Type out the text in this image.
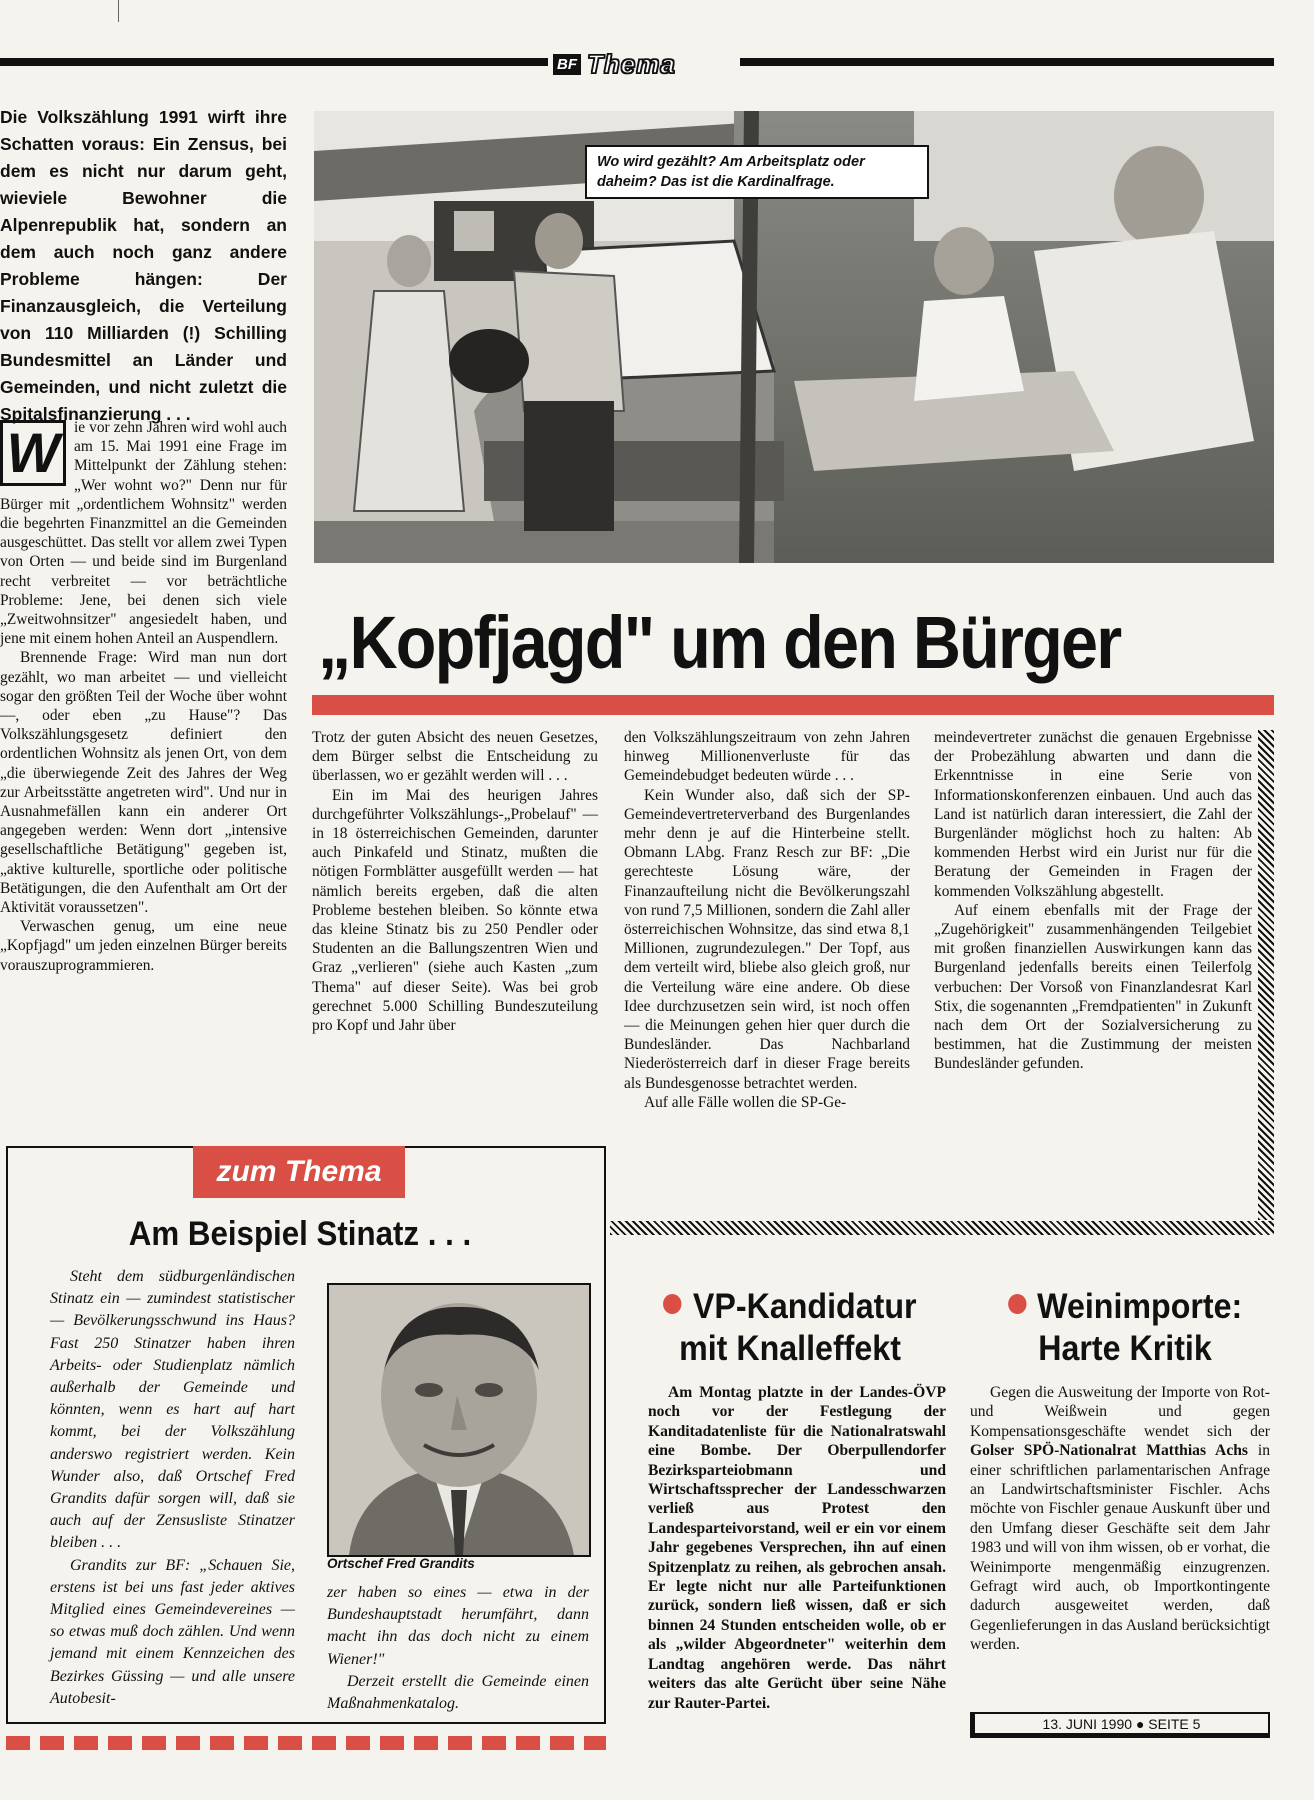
BF Thema
Die Volkszählung 1991 wirft ihre Schatten voraus: Ein Zensus, bei dem es nicht nur darum geht, wieviele Bewohner die Alpenrepublik hat, sondern an dem auch noch ganz andere Probleme hängen: Der Finanzausgleich, die Verteilung von 110 Milliarden (!) Schilling Bundesmittel an Länder und Gemeinden, und nicht zuletzt die Spitalsfinanzierung . . .
Wo wird gezählt? Am Arbeitsplatz oder daheim? Das ist die Kardinalfrage.
„Kopfjagd" um den Bürger

W ie vor zehn Jahren wird wohl auch am 15. Mai 1991 eine Frage im Mittelpunkt der Zählung stehen: „Wer wohnt wo?" Denn nur für Bürger mit „ordentlichem Wohnsitz" werden die begehrten Finanzmittel an die Gemeinden ausgeschüttet. Das stellt vor allem zwei Typen von Orten — und beide sind im Burgenland recht verbreitet — vor beträchtliche Probleme: Jene, bei denen sich viele „Zweitwohnsitzer" angesiedelt haben, und jene mit einem hohen Anteil an Auspendlern.

Brennende Frage: Wird man nun dort gezählt, wo man arbeitet — und vielleicht sogar den größten Teil der Woche über wohnt —, oder eben „zu Hause"? Das Volkszählungsgesetz definiert den ordentlichen Wohnsitz als jenen Ort, von dem „die überwiegende Zeit des Jahres der Weg zur Arbeitsstätte angetreten wird". Und nur in Ausnahmefällen kann ein anderer Ort angegeben werden: Wenn dort „intensive gesellschaftliche Betätigung" gegeben ist, „aktive kulturelle, sportliche oder politische Betätigungen, die den Aufenthalt am Ort der Aktivität voraussetzen".

Verwaschen genug, um eine neue „Kopfjagd" um jeden einzelnen Bürger bereits vorauszuprogrammieren.

Trotz der guten Absicht des neuen Gesetzes, dem Bürger selbst die Entscheidung zu überlassen, wo er gezählt werden will . . .

Ein im Mai des heurigen Jahres durchgeführter Volkszählungs-„Probelauf" — in 18 österreichischen Gemeinden, darunter auch Pinkafeld und Stinatz, mußten die nötigen Formblätter ausgefüllt werden — hat nämlich bereits ergeben, daß die alten Probleme bestehen bleiben. So könnte etwa das kleine Stinatz bis zu 250 Pendler oder Studenten an die Ballungszentren Wien und Graz „verlieren" (siehe auch Kasten „zum Thema" auf dieser Seite). Was bei grob gerechnet 5.000 Schilling Bundeszuteilung pro Kopf und Jahr über

den Volkszählungszeitraum von zehn Jahren hinweg Millionenverluste für das Gemeindebudget bedeuten würde . . .

Kein Wunder also, daß sich der SP-Gemeindevertreterverband des Burgenlandes mehr denn je auf die Hinterbeine stellt. Obmann LAbg. Franz Resch zur BF: „Die gerechteste Lösung wäre, der Finanzaufteilung nicht die Bevölkerungszahl von rund 7,5 Millionen, sondern die Zahl aller österreichischen Wohnsitze, das sind etwa 8,1 Millionen, zugrundezulegen." Der Topf, aus dem verteilt wird, bliebe also gleich groß, nur die Verteilung wäre eine andere. Ob diese Idee durchzusetzen sein wird, ist noch offen — die Meinungen gehen hier quer durch die Bundesländer. Das Nachbarland Niederösterreich darf in dieser Frage bereits als Bundesgenosse betrachtet werden.

Auf alle Fälle wollen die SP-Ge-

meindevertreter zunächst die genauen Ergebnisse der Probezählung abwarten und dann die Erkenntnisse in eine Serie von Informationskonferenzen einbauen. Und auch das Land ist natürlich daran interessiert, die Zahl der Burgenländer möglichst hoch zu halten: Ab kommenden Herbst wird ein Jurist nur für die Beratung der Gemeinden in Fragen der kommenden Volkszählung abgestellt.

Auf einem ebenfalls mit der Frage der „Zugehörigkeit" zusammenhängenden Teilgebiet mit großen finanziellen Auswirkungen kann das Burgenland jedenfalls bereits einen Teilerfolg verbuchen: Der Vorsoß von Finanzlandesrat Karl Stix, die sogenannten „Fremdpatienten" in Zukunft nach dem Ort der Sozialversicherung zu bestimmen, hat die Zustimmung der meisten Bundesländer gefunden.

zum Thema
Am Beispiel Stinatz . . .

Steht dem südburgenländischen Stinatz ein — zumindest statistischer — Bevölkerungsschwund ins Haus? Fast 250 Stinatzer haben ihren Arbeits- oder Studienplatz nämlich außerhalb der Gemeinde und könnten, wenn es hart auf hart kommt, bei der Volkszählung anderswo registriert werden. Kein Wunder also, daß Ortschef Fred Grandits dafür sorgen will, daß sie auch auf der Zensusliste Stinatzer bleiben . . .

Grandits zur BF: „Schauen Sie, erstens ist bei uns fast jeder aktives Mitglied eines Gemeindevereines — so etwas muß doch zählen. Und wenn jemand mit einem Kennzeichen des Bezirkes Güssing — und alle unsere Autobesit-

Ortschef Fred Grandits

zer haben so eines — etwa in der Bundeshauptstadt herumfährt, dann macht ihn das doch nicht zu einem Wiener!"

Derzeit erstellt die Gemeinde einen Maßnahmenkatalog.

VP-Kandidatur
mit Knalleffekt

Am Montag platzte in der Landes-ÖVP noch vor der Festlegung der Kanditadatenliste für die Nationalratswahl eine Bombe. Der Oberpullendorfer Bezirksparteiobmann und Wirtschaftssprecher der Landesschwarzen verließ aus Protest den Landesparteivorstand, weil er ein vor einem Jahr gegebenes Versprechen, ihn auf einen Spitzenplatz zu reihen, als gebrochen ansah. Er legte nicht nur alle Parteifunktionen zurück, sondern ließ wissen, daß er sich binnen 24 Stunden entscheiden wolle, ob er als „wilder Abgeordneter" weiterhin dem Landtag angehören werde. Das nährt weiters das alte Gerücht über seine Nähe zur Rauter-Partei.

Weinimporte:
Harte Kritik

Gegen die Ausweitung der Importe von Rot- und Weißwein und gegen Kompensationsgeschäfte wendet sich der Golser SPÖ-Nationalrat Matthias Achs in einer schriftlichen parlamentarischen Anfrage an Landwirtschaftsminister Fischler. Achs möchte von Fischler genaue Auskunft über und den Umfang dieser Geschäfte seit dem Jahr 1983 und will von ihm wissen, ob er vorhat, die Weinimporte mengenmäßig einzugrenzen. Gefragt wird auch, ob Importkontingente dadurch ausgeweitet werden, daß Gegenlieferungen in das Ausland berücksichtigt werden.

13. JUNI 1990 ● SEITE 5
